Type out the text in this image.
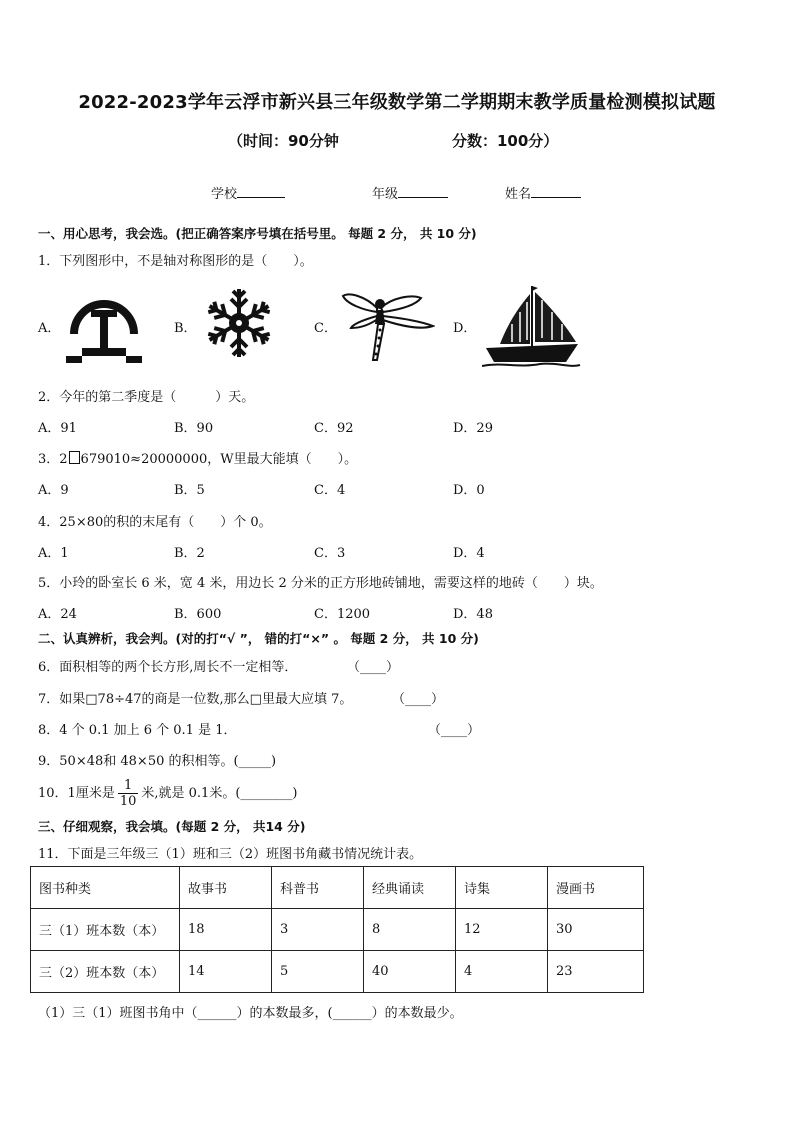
2022-2023学年云浮市新兴县三年级数学第二学期期末教学质量检测模拟试题
（时间：90分钟	分数：100分）
学校	年级	姓名
一、用心思考，我会选。(把正确答案序号填在括号里。 每题 2 分， 共 10 分)
1．下列图形中，不是轴对称图形的是（　　）。
A．	B．	C．	D．
2．今年的第二季度是（　　　）天。
A．91	B．90	C．92	D．29
3．2 679010≈20000000，W里最大能填（　　）。
A．9	B．5	C．4	D．0
4．25×80的积的末尾有（　　）个 0。
A．1	B．2	C．3	D．4
5．小玲的卧室长 6 米，宽 4 米，用边长 2 分米的正方形地砖铺地，需要这样的地砖（　　）块。
A．24	B．600	C．1200	D．48
二、认真辨析，我会判。(对的打“√ ”， 错的打“×” 。 每题 2 分， 共 10 分)
6．面积相等的两个长方形,周长不一定相等．	（____）
7．如果□78÷47的商是一位数,那么□里最大应填 7。	（____）
8．4 个 0.1 加上 6 个 0.1 是 1．	（____）
9．50×48和 48×50 的积相等。(_____)
10．1厘米是 $\frac{1}{10}$ 米,就是 0.1米。(________)
三、仔细观察，我会填。(每题 2 分， 共14 分)
11．下面是三年级三（1）班和三（2）班图书角藏书情况统计表。
图书种类	故事书	科普书	经典诵读	诗集	漫画书
三（1）班本数（本）	18	3	8	12	30
三（2）班本数（本）	14	5	40	4	23
（1）三（1）班图书角中（______）的本数最多，(______）的本数最少。
